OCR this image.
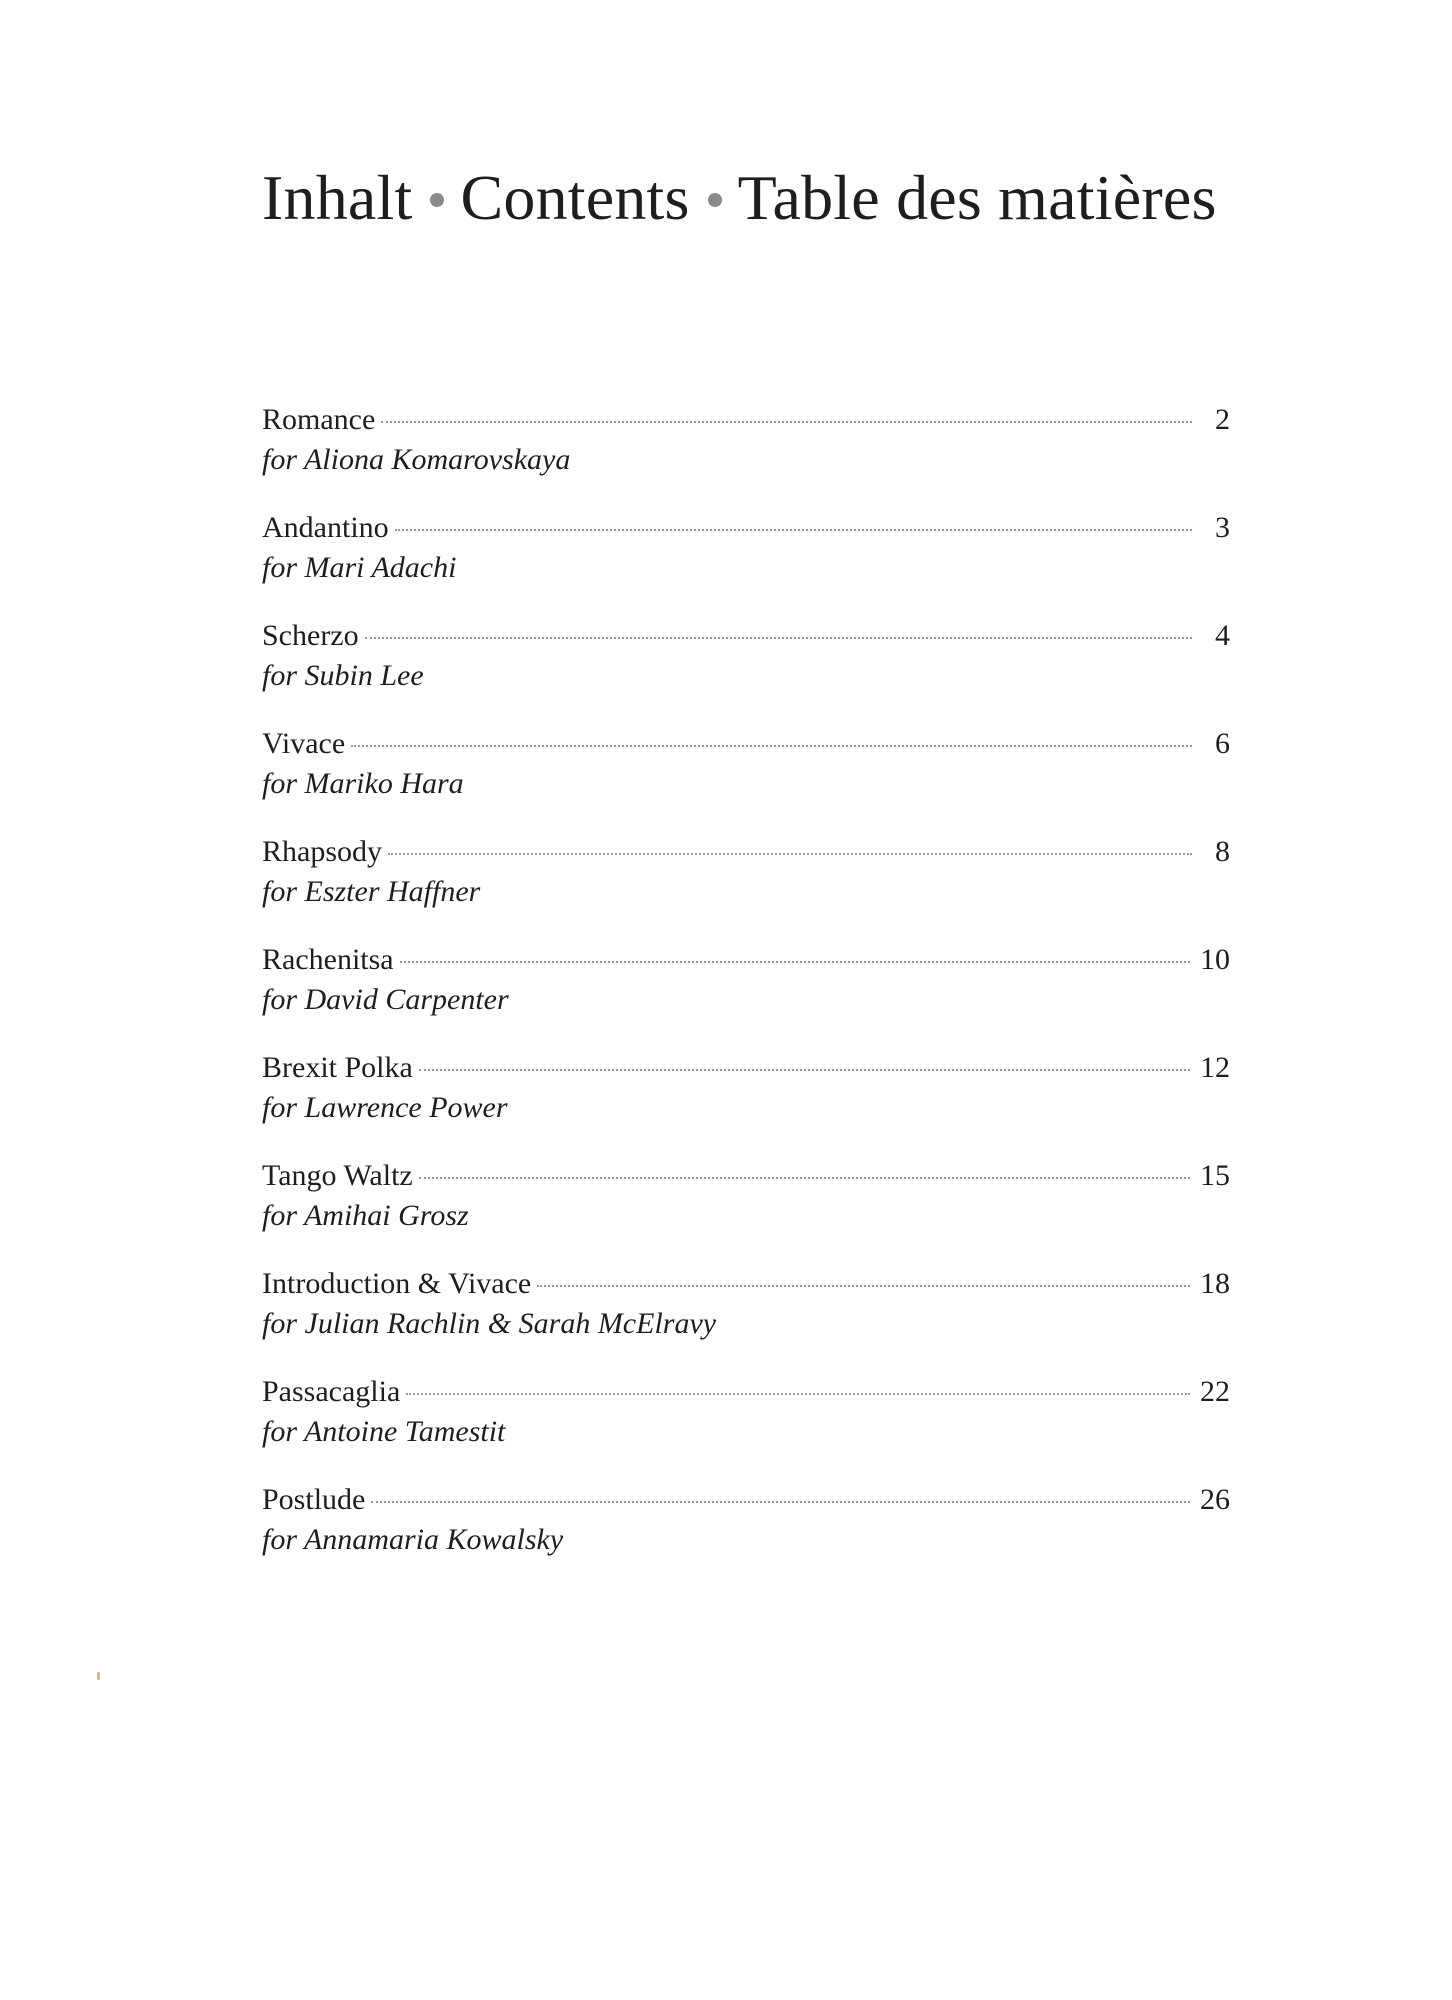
Inhalt Contents Table des matières
Romance	2
for Aliona Komarovskaya
Andantino	3
for Mari Adachi
Scherzo	4
for Subin Lee
Vivace	6
for Mariko Hara
Rhapsody	8
for Eszter Haffner
Rachenitsa	10
for David Carpenter
Brexit Polka	12
for Lawrence Power
Tango Waltz	15
for Amihai Grosz
Introduction & Vivace	18
for Julian Rachlin & Sarah McElravy
Passacaglia	22
for Antoine Tamestit
Postlude	26
for Annamaria Kowalsky
